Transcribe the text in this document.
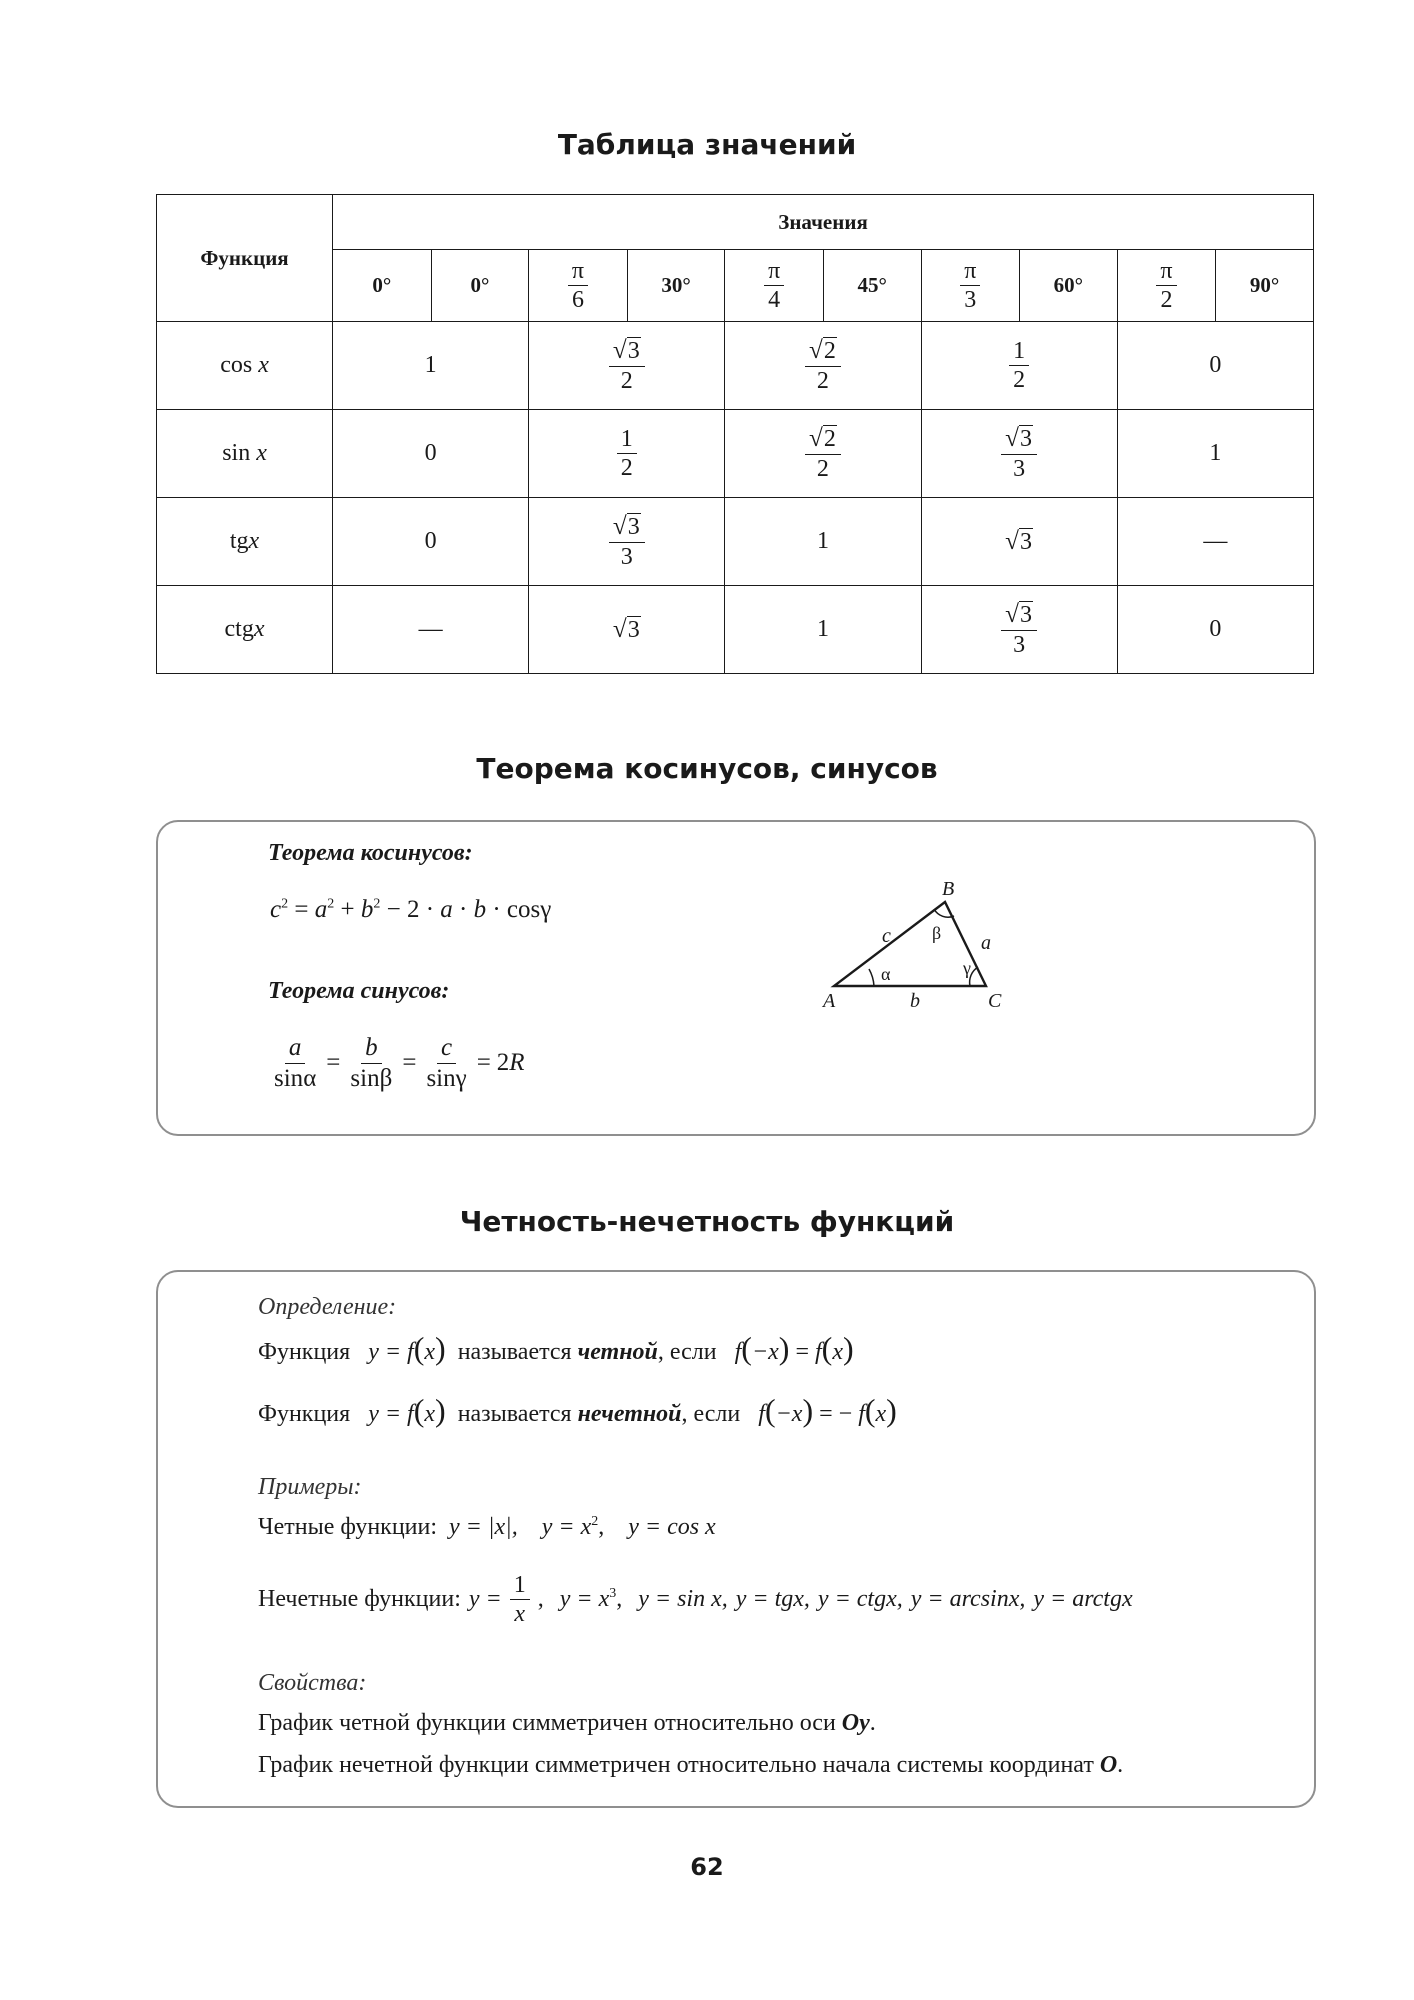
Таблица значений
Функция	Значения									
	0°	0°	$\frac{\pi}{6}$	30°	$\frac{\pi}{4}$	45°	$\frac{\pi}{3}$	60°	$\frac{\pi}{2}$	90°
cos x	1		$\frac{√3}{2}$		$\frac{√2}{2}$		$\frac{1}{2}$		0	
sin x	0		$\frac{1}{2}$		$\frac{√2}{2}$		$\frac{√3}{3}$		1	
tgx	0		$\frac{√3}{3}$		1		√3		—	
ctgx	—		√3		1		$\frac{√3}{3}$		0	
Теорема косинусов, синусов
Теорема косинусов:
$c^2 = a^2 + b^2 - 2 \cdot a \cdot b \cdot \cos\gamma$
Теорема синусов:
$\frac{a}{\sin\alpha} = \frac{b}{\sin\beta} = \frac{c}{\sin\gamma} = 2R$
B
A	C
c
b
a
α
β
γ
Четность-нечетность функций
Определение:
Функция y = f(x) называется четной, если f(−x) = f(x)
Функция y = f(x) называется нечетной, если f(−x) = − f(x)
Примеры:
Четные функции: y = |x|, $y = x^2$, y = cos x
Нечетные функции: $y = \frac{1}{x}$ , $y = x^3$, y = sin x, y = tgx, y = ctgx, y = arcsinx, y = arctgx
Свойства:
График четной функции симметричен относительно оси Oy.
График нечетной функции симметричен относительно начала системы координат O.
62
